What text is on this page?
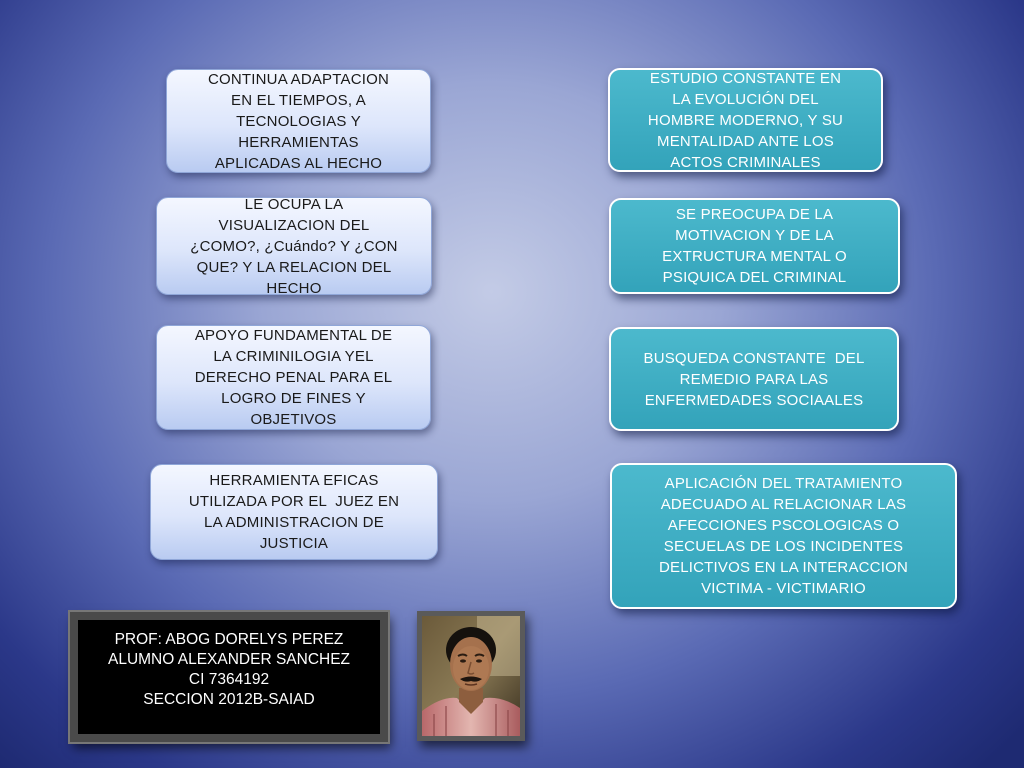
CONTINUA ADAPTACION
EN EL TIEMPOS, A
TECNOLOGIAS Y
HERRAMIENTAS
APLICADAS AL HECHO
LE OCUPA LA
VISUALIZACION DEL
¿COMO?, ¿Cuándo? Y ¿CON
QUE? Y LA RELACION DEL
HECHO
APOYO FUNDAMENTAL DE
LA CRIMINILOGIA YEL
DERECHO PENAL PARA EL
LOGRO DE FINES Y
OBJETIVOS
HERRAMIENTA EFICAS
UTILIZADA POR EL  JUEZ EN
LA ADMINISTRACION DE
JUSTICIA
ESTUDIO CONSTANTE EN
LA EVOLUCIÓN DEL
HOMBRE MODERNO, Y SU
MENTALIDAD ANTE LOS
ACTOS CRIMINALES
SE PREOCUPA DE LA
MOTIVACION Y DE LA
EXTRUCTURA MENTAL O
PSIQUICA DEL CRIMINAL
BUSQUEDA CONSTANTE  DEL
REMEDIO PARA LAS
ENFERMEDADES SOCIAALES
APLICACIÓN DEL TRATAMIENTO
ADECUADO AL RELACIONAR LAS
AFECCIONES PSCOLOGICAS O
SECUELAS DE LOS INCIDENTES
DELICTIVOS EN LA INTERACCION
VICTIMA - VICTIMARIO
PROF: ABOG DORELYS PEREZ
ALUMNO ALEXANDER SANCHEZ
CI 7364192
SECCION 2012B-SAIAD
